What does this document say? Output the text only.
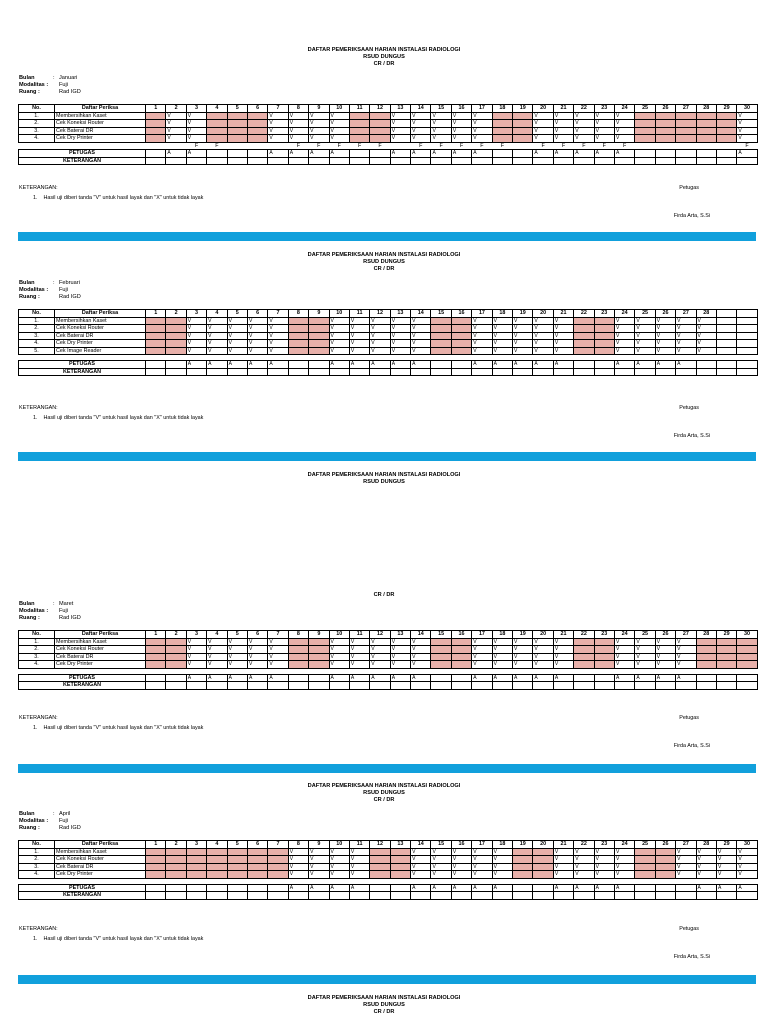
DAFTAR PEMERIKSAAN HARIAN INSTALASI RADIOLOGI
RSUD DUNGUS
CR / DR
Bulan	: Januari
Modalitas : Fuji
Ruang :	Rad IGD
No.	Daftar Periksa	1	2	3	4	5	6	7	8	9	10	11	12	13	14	15	16	17	18	19	20	21	22	23	24	25	26	27	28	29	30
1.	Membersihkan Kaset		V	V				V	V	V	V			V	V	V	V	V			V	V	V	V	V						V
2.	Cek Koneksi Router		V	V				V	V	V	V			V	V	V	V	V			V	V	V	V	V						V
3.	Cek Baterai DR		V	V				V	V	V	V			V	V	V	V	V			V	V	V	V	V						V
4.	Cek Dry Printer		V	V				V	V	V	V			V	V	V	V	V			V	V	V	V	V						V
				F	F				F	F	F	F	F		F	F	F	F	F		F	F	F	F	F						F
PETUGAS			A	A				A	A	A	A			A	A	A	A	A			A	A	A	A	A						A
KETERANGAN																															
KETERANGAN:
1. Hasil uji diberi tanda "V" untuk hasil layak dan "X" untuk tidak layak
Petugas
Firda Arta, S.Si
DAFTAR PEMERIKSAAN HARIAN INSTALASI RADIOLOGI
RSUD DUNGUS
CR / DR
Bulan	: Februari
Modalitas : Fuji
Ruang :	Rad IGD
No.	Daftar Periksa	1	2	3	4	5	6	7	8	9	10	11	12	13	14	15	16	17	18	19	20	21	22	23	24	25	26	27	28		
1.	Membersihkan Kaset			V	V	V	V	V			V	V	V	V	V			V	V	V	V	V			V	V	V	V	V		
2.	Cek Koneksi Router			V	V	V	V	V			V	V	V	V	V			V	V	V	V	V			V	V	V	V	V		
3.	Cek Baterai DR			V	V	V	V	V			V	V	V	V	V			V	V	V	V	V			V	V	V	V	V		
4.	Cek Dry Printer			V	V	V	V	V			V	V	V	V	V			V	V	V	V	V			V	V	V	V	V		
5.	Cek Image Reader			V	V	V	V	V			V	V	V	V	V			V	V	V	V	V			V	V	V	V	V		

PETUGAS				A	A	A	A	A			A	A	A	A	A			A	A	A	A	A			A	A	A	A			
KETERANGAN																															
KETERANGAN:
1. Hasil uji diberi tanda "V" untuk hasil layak dan "X" untuk tidak layak
Petugas
Firda Arta, S.Si
DAFTAR PEMERIKSAAN HARIAN INSTALASI RADIOLOGI
RSUD DUNGUS
CR / DR
Bulan	: Maret
Modalitas : Fuji
Ruang :	Rad IGD
No.	Daftar Periksa	1	2	3	4	5	6	7	8	9	10	11	12	13	14	15	16	17	18	19	20	21	22	23	24	25	26	27	28	29	30
1.	Membersihkan Kaset			V	V	V	V	V			V	V	V	V	V			V	V	V	V	V			V	V	V	V			
2.	Cek Koneksi Router			V	V	V	V	V			V	V	V	V	V			V	V	V	V	V			V	V	V	V			
3.	Cek Baterai DR			V	V	V	V	V			V	V	V	V	V			V	V	V	V	V			V	V	V	V			
4.	Cek Dry Printer			V	V	V	V	V			V	V	V	V	V			V	V	V	V	V			V	V	V	V			

PETUGAS				A	A	A	A	A			A	A	A	A	A			A	A	A	A	A			A	A	A	A			
KETERANGAN																															
KETERANGAN:
1. Hasil uji diberi tanda "V" untuk hasil layak dan "X" untuk tidak layak
Petugas
Firda Arta, S.Si
DAFTAR PEMERIKSAAN HARIAN INSTALASI RADIOLOGI
RSUD DUNGUS
CR / DR
Bulan	: April
Modalitas : Fuji
Ruang :	Rad IGD
No.	Daftar Periksa	1	2	3	4	5	6	7	8	9	10	11	12	13	14	15	16	17	18	19	20	21	22	23	24	25	26	27	28	29	30
1.	Membersihkan Kaset								V	V	V	V			V	V	V	V	V			V	V	V	V			V	V	V	V
2.	Cek Koneksi Router								V	V	V	V			V	V	V	V	V			V	V	V	V			V	V	V	V
3.	Cek Baterai DR								V	V	V	V			V	V	V	V	V			V	V	V	V			V	V	V	V
4.	Cek Dry Printer								V	V	V	V			V	V	V	V	V			V	V	V	V			V	V	V	V

PETUGAS									A	A	A	A			A	A	A	A	A			A	A	A	A				A	A	A
KETERANGAN																															
KETERANGAN:
1. Hasil uji diberi tanda "V" untuk hasil layak dan "X" untuk tidak layak
Petugas
Firda Arta, S.Si
DAFTAR PEMERIKSAAN HARIAN INSTALASI RADIOLOGI
RSUD DUNGUS
CR / DR
